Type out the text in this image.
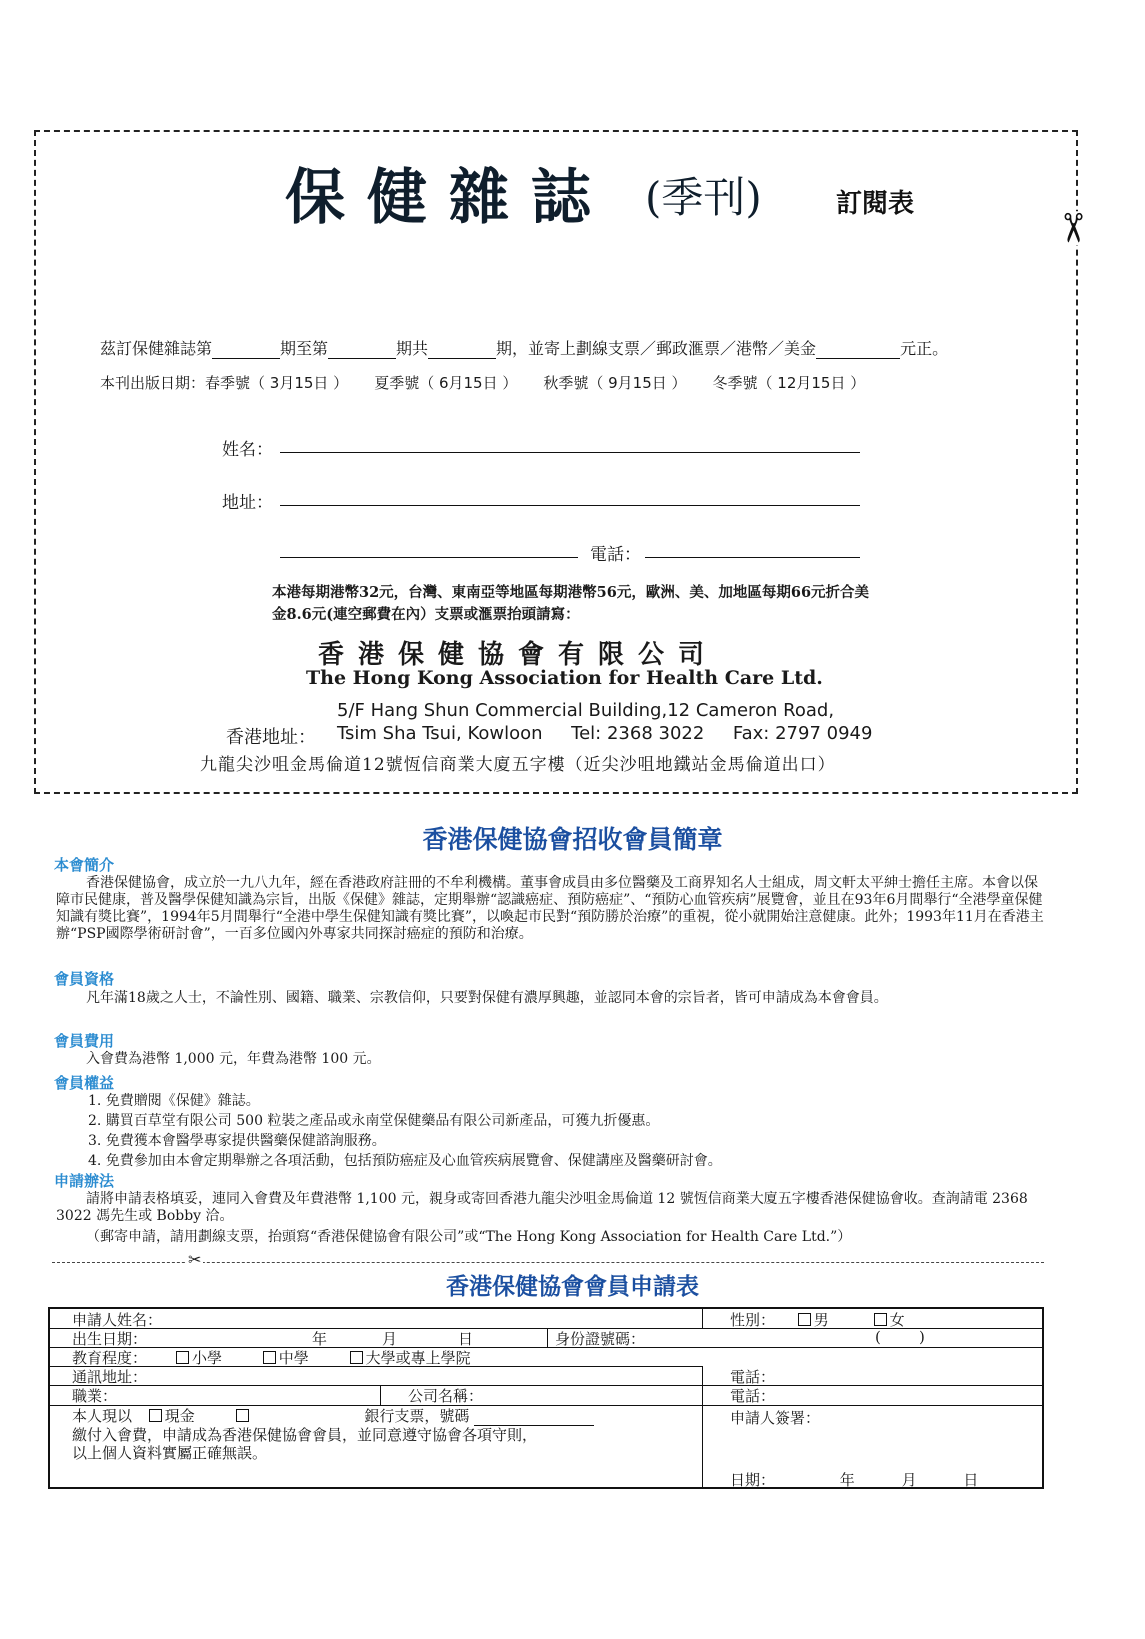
保健雜誌 (季刊)	訂閱表
✂
茲訂保健雜誌第	期至第	期共	期，並寄上劃線支票／郵政滙票／港幣／美金	元正。
本刊出版日期：春季號（ 3月15日 ） 夏季號（ 6月15日 ） 秋季號（ 9月15日 ） 冬季號（ 12月15日 ）
姓名：
地址：
電話：
本港每期港幣32元，台灣、東南亞等地區每期港幣56元，歐洲、美、加地區每期66元折合美金8.6元(連空郵費在內）支票或滙票抬頭請寫：
香港保健協會有限公司
The Hong Kong Association for Health Care Ltd.
5/F Hang Shun Commercial Building,12 Cameron Road,
香港地址： Tsim Sha Tsui, Kowloon     Tel: 2368 3022     Fax: 2797 0949
九龍尖沙咀金馬倫道12號恆信商業大廈五字樓（近尖沙咀地鐵站金馬倫道出口）
香港保健協會招收會員簡章
本會簡介
香港保健協會，成立於一九八九年，經在香港政府註冊的不牟利機構。董事會成員由多位醫藥及工商界知名人士組成，周文軒太平紳士擔任主席。本會以保障市民健康，普及醫學保健知識為宗旨，出版《保健》雜誌，定期舉辦“認識癌症、預防癌症”、“預防心血管疾病”展覽會，並且在93年6月間舉行“全港學童保健知識有獎比賽”，1994年5月間舉行“全港中學生保健知識有獎比賽”，以喚起市民對“預防勝於治療”的重視，從小就開始注意健康。此外；1993年11月在香港主辦“PSP國際學術研討會”，一百多位國內外專家共同探討癌症的預防和治療。
會員資格
凡年滿18歲之人士，不論性別、國籍、職業、宗教信仰，只要對保健有濃厚興趣，並認同本會的宗旨者，皆可申請成為本會會員。
會員費用
入會費為港幣 1,000 元，年費為港幣 100 元。
會員權益
1. 免費贈閱《保健》雜誌。
2. 購買百草堂有限公司 500 粒裝之產品或永南堂保健藥品有限公司新產品，可獲九折優惠。
3. 免費獲本會醫學專家提供醫藥保健諮詢服務。
4. 免費參加由本會定期舉辦之各項活動，包括預防癌症及心血管疾病展覽會、保健講座及醫藥研討會。
申請辦法
請將申請表格填妥，連同入會費及年費港幣 1,100 元，親身或寄回香港九龍尖沙咀金馬倫道 12 號恆信商業大廈五字樓香港保健協會收。查詢請電 2368 3022 馮先生或 Bobby 洽。
（郵寄申請，請用劃線支票，抬頭寫“香港保健協會有限公司”或“The Hong Kong Association for Health Care Ltd.”）
✂
香港保健協會會員申請表
申請人姓名：	性別：	男	女
出生日期：	年	月	日	身份證號碼：	(        )
教育程度：	小學	中學	大學或專上學院
通訊地址：	電話：
職業：	公司名稱：	電話：
本人現以 現金	銀行支票，號碼
繳付入會費，申請成為香港保健協會會員，並同意遵守協會各項守則，
以上個人資料實屬正確無誤。
申請人簽署：
日期：	年	月	日
